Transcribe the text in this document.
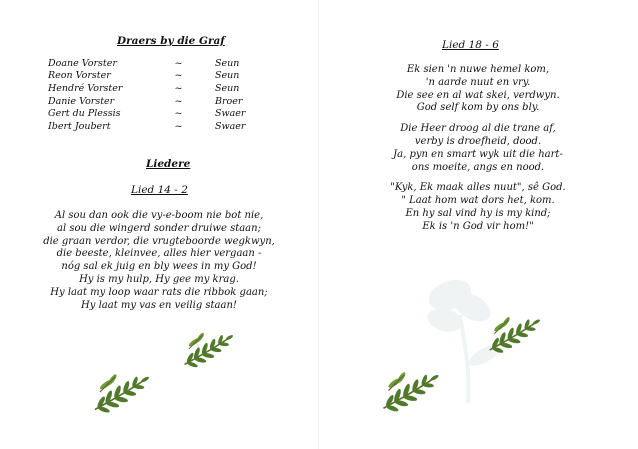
Draers by die Graf
Doane Vorster	~	Seun
Reon Vorster	~	Seun
Hendré Vorster	~	Seun
Danie Vorster	~	Broer
Gert du Plessis	~	Swaer
Ibert Joubert	~	Swaer
Liedere
Lied 14 - 2
Al sou dan ook die vy-e-boom nie bot nie,
al sou die wingerd sonder druiwe staan;
die graan verdor, die vrugteboorde wegkwyn,
die beeste, kleinvee, alles hier vergaan -
nóg sal ek juig en bly wees in my God!
Hy is my hulp, Hy gee my krag.
Hy laat my loop waar rats die ribbok gaan;
Hy laat my vas en veilig staan!
Lied 18 - 6
Ek sien 'n nuwe hemel kom,
'n aarde nuut en vry.
Die see en al wat skei, verdwyn.
God self kom by ons bly.
Die Heer droog al die trane af,
verby is droefheid, dood.
Ja, pyn en smart wyk uit die hart-
ons moeite, angs en nood.
"Kyk, Ek maak alles nuut", sê God.
" Laat hom wat dors het, kom.
En hy sal vind hy is my kind;
Ek is 'n God vir hom!"
